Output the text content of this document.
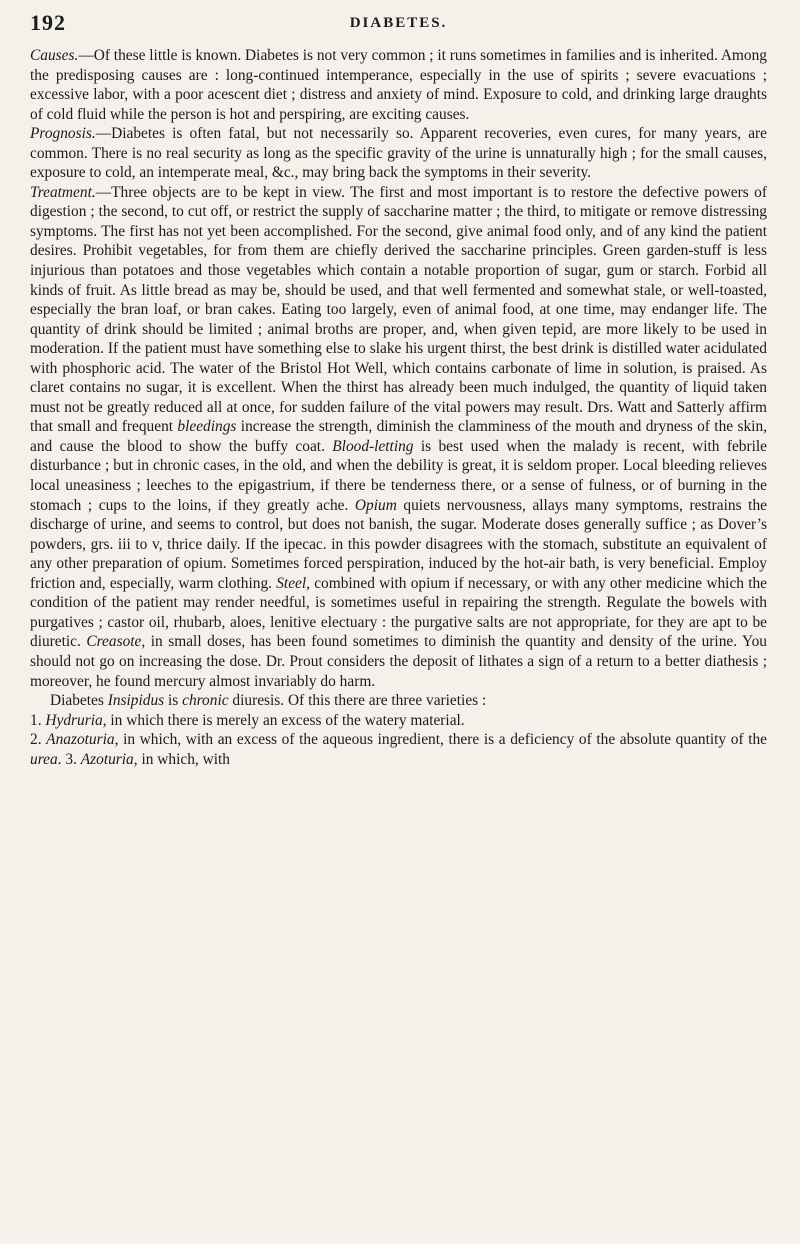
192	DIABETES.

Causes.—Of these little is known. Diabetes is not very common ; it runs sometimes in families and is inherited. Among the predisposing causes are : long-continued intemperance, especially in the use of spirits ; severe evacuations ; excessive labor, with a poor acescent diet ; distress and anxiety of mind. Exposure to cold, and drinking large draughts of cold fluid while the person is hot and perspiring, are exciting causes.

Prognosis.—Diabetes is often fatal, but not necessarily so. Apparent recoveries, even cures, for many years, are common. There is no real security as long as the specific gravity of the urine is unnaturally high ; for the small causes, exposure to cold, an intemperate meal, &c., may bring back the symptoms in their severity.

Treatment.—Three objects are to be kept in view. The first and most important is to restore the defective powers of digestion ; the second, to cut off, or restrict the supply of saccharine matter ; the third, to mitigate or remove distressing symptoms. The first has not yet been accomplished. For the second, give animal food only, and of any kind the patient desires. Prohibit vegetables, for from them are chiefly derived the saccharine principles. Green garden-stuff is less injurious than potatoes and those vegetables which contain a notable proportion of sugar, gum or starch. Forbid all kinds of fruit. As little bread as may be, should be used, and that well fermented and somewhat stale, or well-toasted, especially the bran loaf, or bran cakes. Eating too largely, even of animal food, at one time, may endanger life. The quantity of drink should be limited ; animal broths are proper, and, when given tepid, are more likely to be used in moderation. If the patient must have something else to slake his urgent thirst, the best drink is distilled water acidulated with phosphoric acid. The water of the Bristol Hot Well, which contains carbonate of lime in solution, is praised. As claret contains no sugar, it is excellent. When the thirst has already been much indulged, the quantity of liquid taken must not be greatly reduced all at once, for sudden failure of the vital powers may result. Drs. Watt and Satterly affirm that small and frequent bleedings increase the strength, diminish the clamminess of the mouth and dryness of the skin, and cause the blood to show the buffy coat. Blood-letting is best used when the malady is recent, with febrile disturbance ; but in chronic cases, in the old, and when the debility is great, it is seldom proper. Local bleeding relieves local uneasiness ; leeches to the epigastrium, if there be tenderness there, or a sense of fulness, or of burning in the stomach ; cups to the loins, if they greatly ache. Opium quiets nervousness, allays many symptoms, restrains the discharge of urine, and seems to control, but does not banish, the sugar. Moderate doses generally suffice ; as Dover’s powders, grs. iii to v, thrice daily. If the ipecac. in this powder disagrees with the stomach, substitute an equivalent of any other preparation of opium. Sometimes forced perspiration, induced by the hot-air bath, is very beneficial. Employ friction and, especially, warm clothing. Steel, combined with opium if necessary, or with any other medicine which the condition of the patient may render needful, is sometimes useful in repairing the strength. Regulate the bowels with purgatives ; castor oil, rhubarb, aloes, lenitive electuary : the purgative salts are not appropriate, for they are apt to be diuretic. Creasote, in small doses, has been found sometimes to diminish the quantity and density of the urine. You should not go on increasing the dose. Dr. Prout considers the deposit of lithates a sign of a return to a better diathesis ; moreover, he found mercury almost invariably do harm.

Diabetes Insipidus is chronic diuresis. Of this there are three varieties :

1. Hydruria, in which there is merely an excess of the watery material.
2. Anazoturia, in which, with an excess of the aqueous ingredient, there is a deficiency of the absolute quantity of the urea. 3. Azoturia, in which, with
